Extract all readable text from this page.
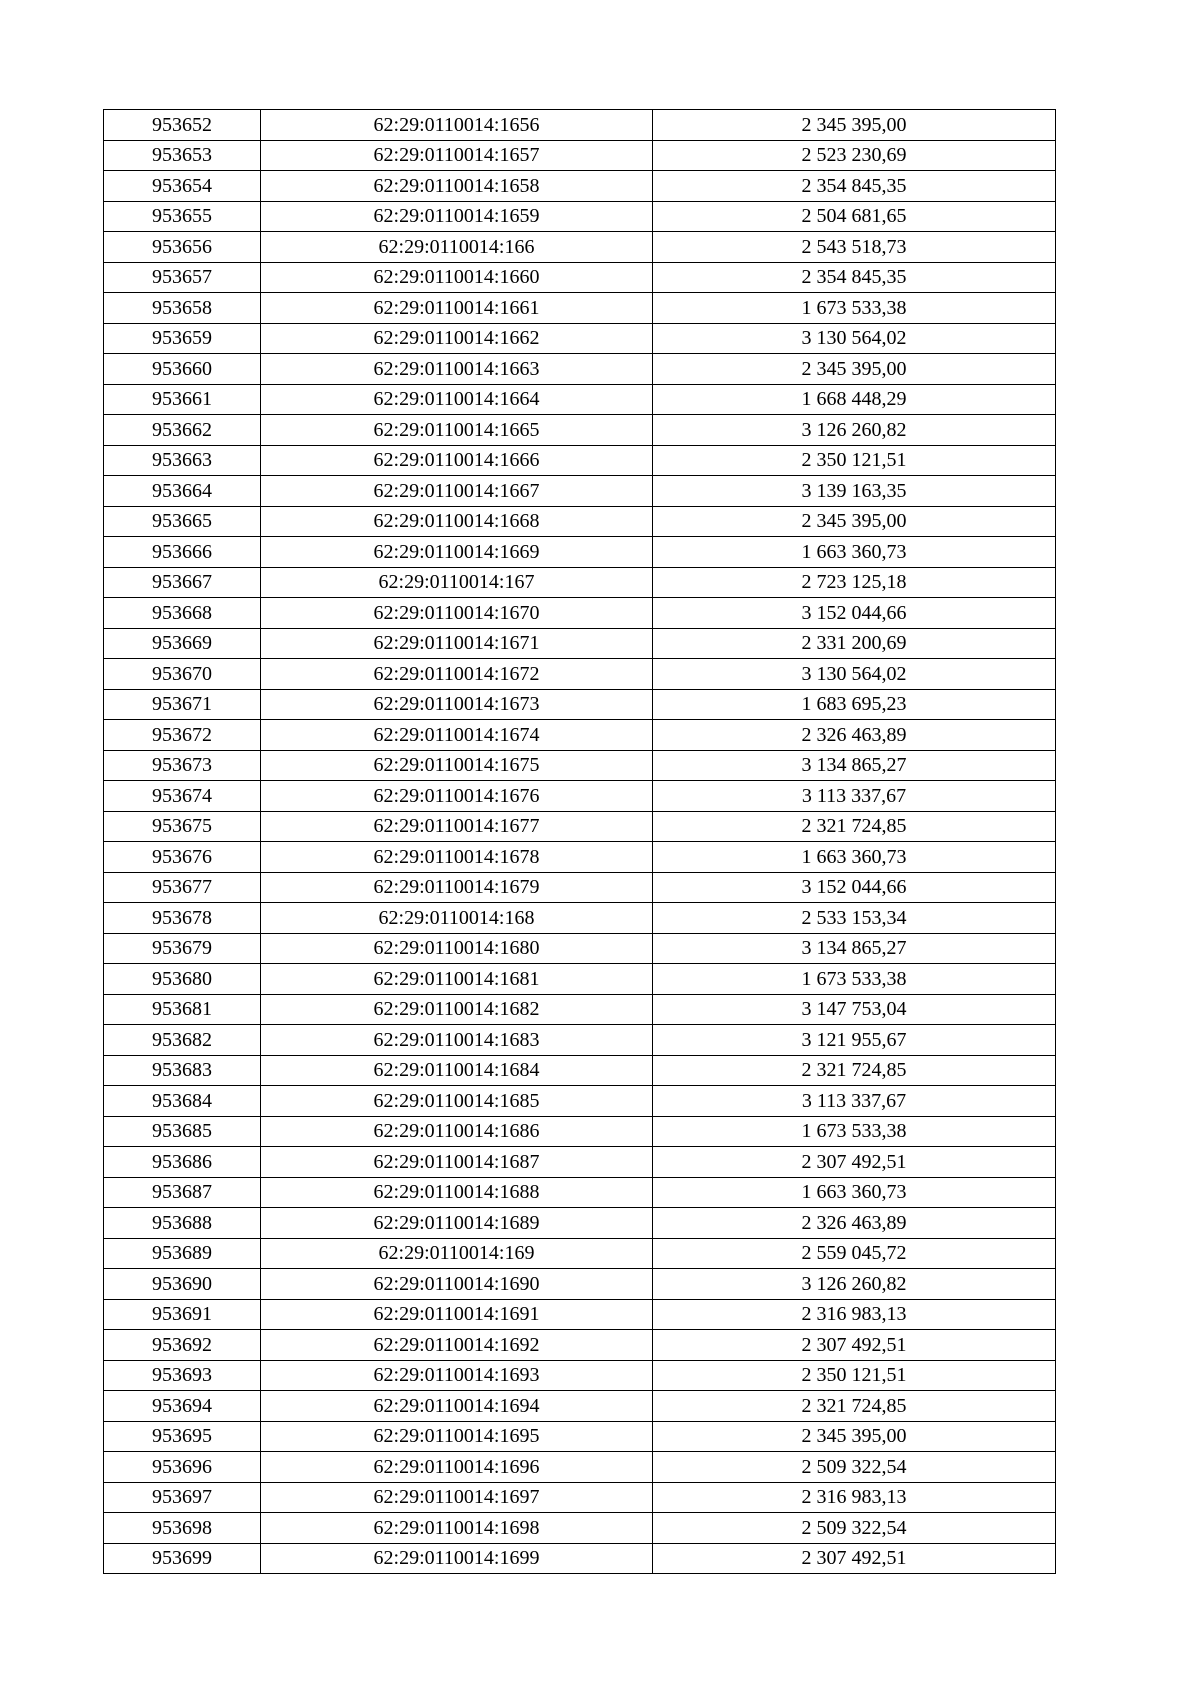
953652	62:29:0110014:1656	2 345 395,00
953653	62:29:0110014:1657	2 523 230,69
953654	62:29:0110014:1658	2 354 845,35
953655	62:29:0110014:1659	2 504 681,65
953656	62:29:0110014:166	2 543 518,73
953657	62:29:0110014:1660	2 354 845,35
953658	62:29:0110014:1661	1 673 533,38
953659	62:29:0110014:1662	3 130 564,02
953660	62:29:0110014:1663	2 345 395,00
953661	62:29:0110014:1664	1 668 448,29
953662	62:29:0110014:1665	3 126 260,82
953663	62:29:0110014:1666	2 350 121,51
953664	62:29:0110014:1667	3 139 163,35
953665	62:29:0110014:1668	2 345 395,00
953666	62:29:0110014:1669	1 663 360,73
953667	62:29:0110014:167	2 723 125,18
953668	62:29:0110014:1670	3 152 044,66
953669	62:29:0110014:1671	2 331 200,69
953670	62:29:0110014:1672	3 130 564,02
953671	62:29:0110014:1673	1 683 695,23
953672	62:29:0110014:1674	2 326 463,89
953673	62:29:0110014:1675	3 134 865,27
953674	62:29:0110014:1676	3 113 337,67
953675	62:29:0110014:1677	2 321 724,85
953676	62:29:0110014:1678	1 663 360,73
953677	62:29:0110014:1679	3 152 044,66
953678	62:29:0110014:168	2 533 153,34
953679	62:29:0110014:1680	3 134 865,27
953680	62:29:0110014:1681	1 673 533,38
953681	62:29:0110014:1682	3 147 753,04
953682	62:29:0110014:1683	3 121 955,67
953683	62:29:0110014:1684	2 321 724,85
953684	62:29:0110014:1685	3 113 337,67
953685	62:29:0110014:1686	1 673 533,38
953686	62:29:0110014:1687	2 307 492,51
953687	62:29:0110014:1688	1 663 360,73
953688	62:29:0110014:1689	2 326 463,89
953689	62:29:0110014:169	2 559 045,72
953690	62:29:0110014:1690	3 126 260,82
953691	62:29:0110014:1691	2 316 983,13
953692	62:29:0110014:1692	2 307 492,51
953693	62:29:0110014:1693	2 350 121,51
953694	62:29:0110014:1694	2 321 724,85
953695	62:29:0110014:1695	2 345 395,00
953696	62:29:0110014:1696	2 509 322,54
953697	62:29:0110014:1697	2 316 983,13
953698	62:29:0110014:1698	2 509 322,54
953699	62:29:0110014:1699	2 307 492,51
